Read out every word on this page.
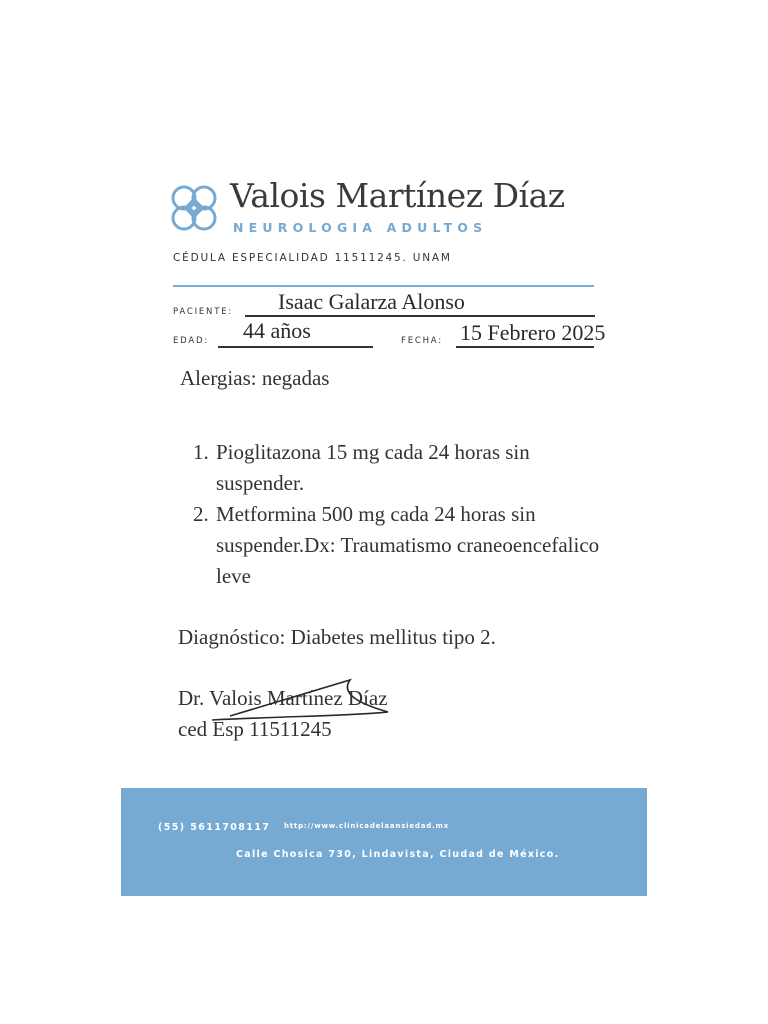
Valois Martínez Díaz
NEUROLOGIA ADULTOS
CÉDULA ESPECIALIDAD 11511245. UNAM
PACIENTE: Isaac Galarza Alonso
EDAD: 44 años	FECHA: 15 Febrero 2025
Alergias: negadas
1. Pioglitazona 15 mg cada 24 horas sin suspender.
2. Metformina 500 mg cada 24 horas sin suspender.Dx: Traumatismo craneoencefalico leve
Diagnóstico: Diabetes mellitus tipo 2.
Dr. Valois Martínez Díaz
ced Esp 11511245
(55) 5611708117 http://www.clinicadelaansiedad.mx
Calle Chosica 730, Lindavista, Ciudad de México.
